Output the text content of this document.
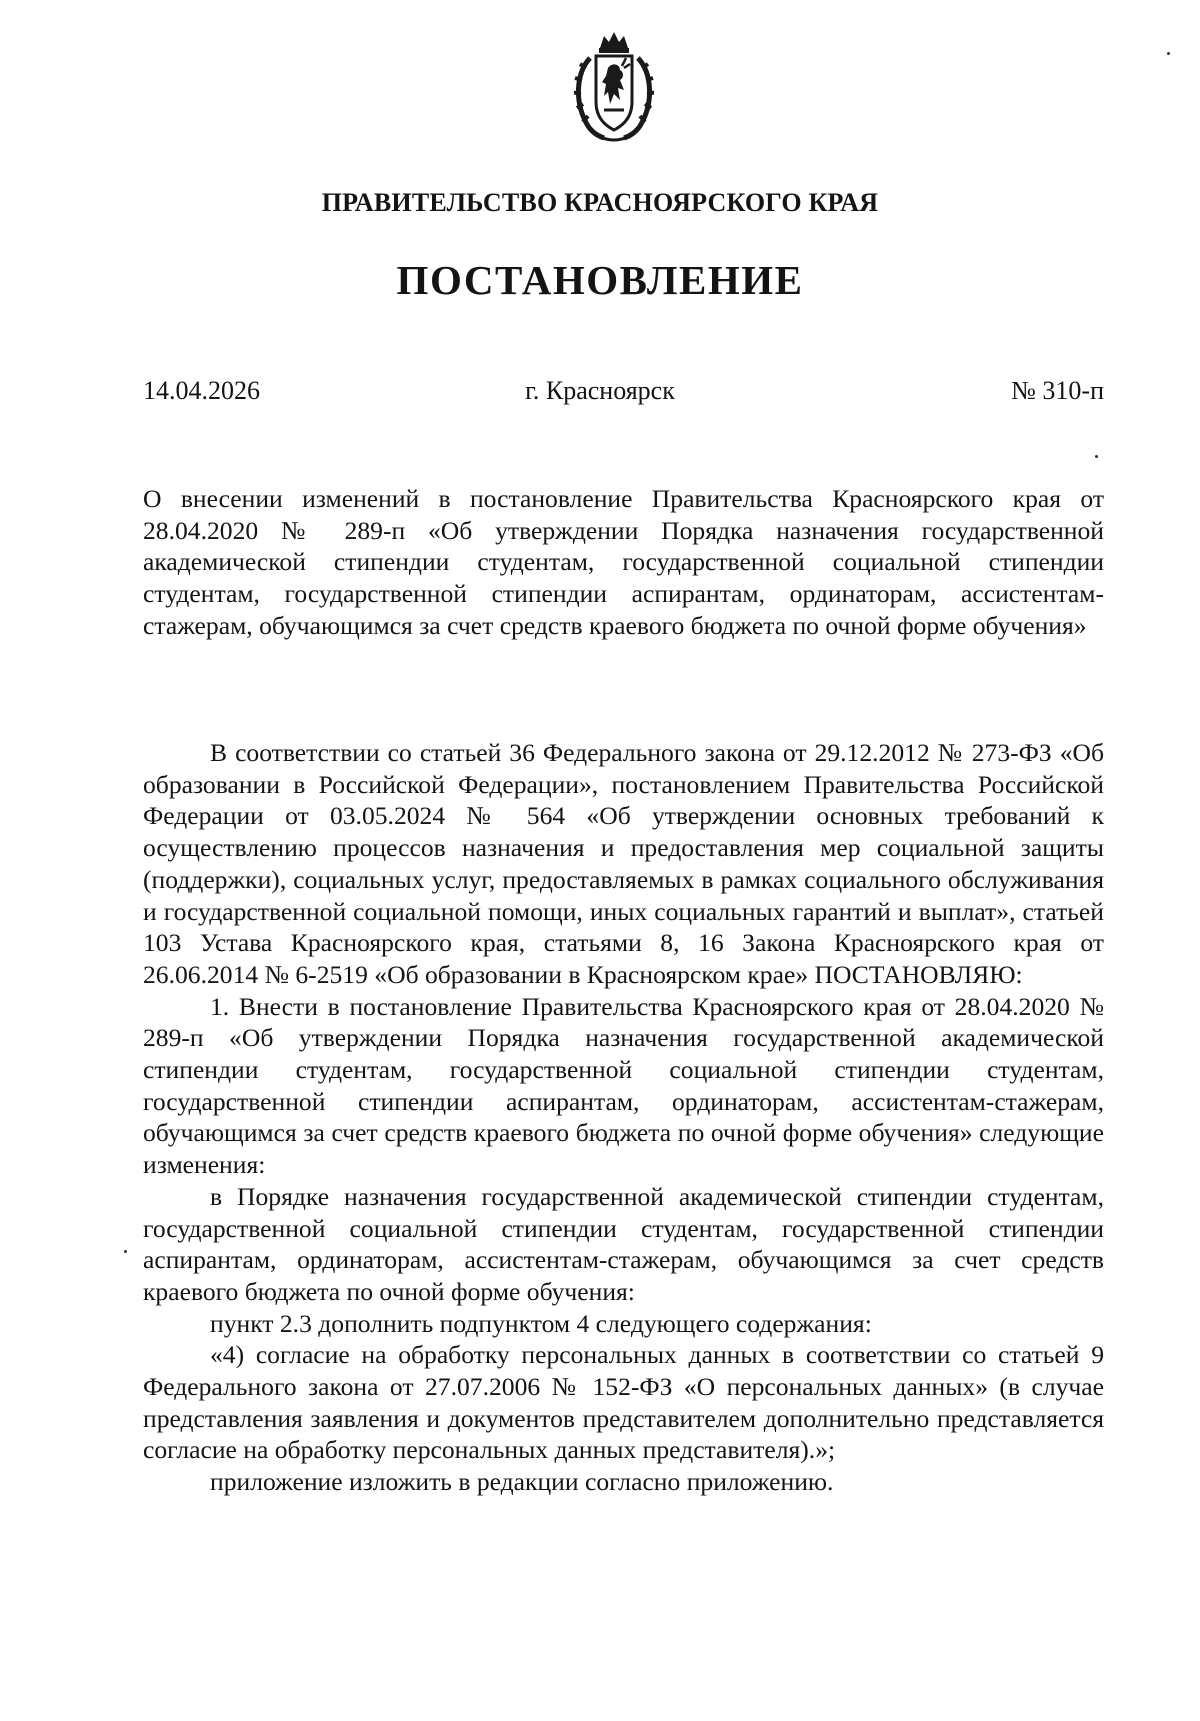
ПРАВИТЕЛЬСТВО КРАСНОЯРСКОГО КРАЯ
ПОСТАНОВЛЕНИЕ
14.04.2026	г. Красноярск	№ 310-п

О внесении изменений в постановление Правительства Красноярского края от 28.04.2020 № 289-п «Об утверждении Порядка назначения государственной академической стипендии студентам, государственной социальной стипендии студентам, государственной стипендии аспирантам, ординаторам, ассистентам-стажерам, обучающимся за счет средств краевого бюджета по очной форме обучения»

В соответствии со статьей 36 Федерального закона от 29.12.2012 № 273-ФЗ «Об образовании в Российской Федерации», постановлением Правительства Российской Федерации от 03.05.2024 № 564 «Об утверждении основных требований к осуществлению процессов назначения и предоставления мер социальной защиты (поддержки), социальных услуг, предоставляемых в рамках социального обслуживания и государственной социальной помощи, иных социальных гарантий и выплат», статьей 103 Устава Красноярского края, статьями 8, 16 Закона Красноярского края от 26.06.2014 № 6-2519 «Об образовании в Красноярском крае» ПОСТАНОВЛЯЮ:

1. Внести в постановление Правительства Красноярского края от 28.04.2020 № 289-п «Об утверждении Порядка назначения государственной академической стипендии студентам, государственной социальной стипендии студентам, государственной стипендии аспирантам, ординаторам, ассистентам-стажерам, обучающимся за счет средств краевого бюджета по очной форме обучения» следующие изменения:

в Порядке назначения государственной академической стипендии студентам, государственной социальной стипендии студентам, государственной стипендии аспирантам, ординаторам, ассистентам-стажерам, обучающимся за счет средств краевого бюджета по очной форме обучения:

пункт 2.3 дополнить подпунктом 4 следующего содержания:

«4) согласие на обработку персональных данных в соответствии со статьей 9 Федерального закона от 27.07.2006 № 152-ФЗ «О персональных данных» (в случае представления заявления и документов представителем дополнительно представляется согласие на обработку персональных данных представителя).»;

приложение изложить в редакции согласно приложению.
